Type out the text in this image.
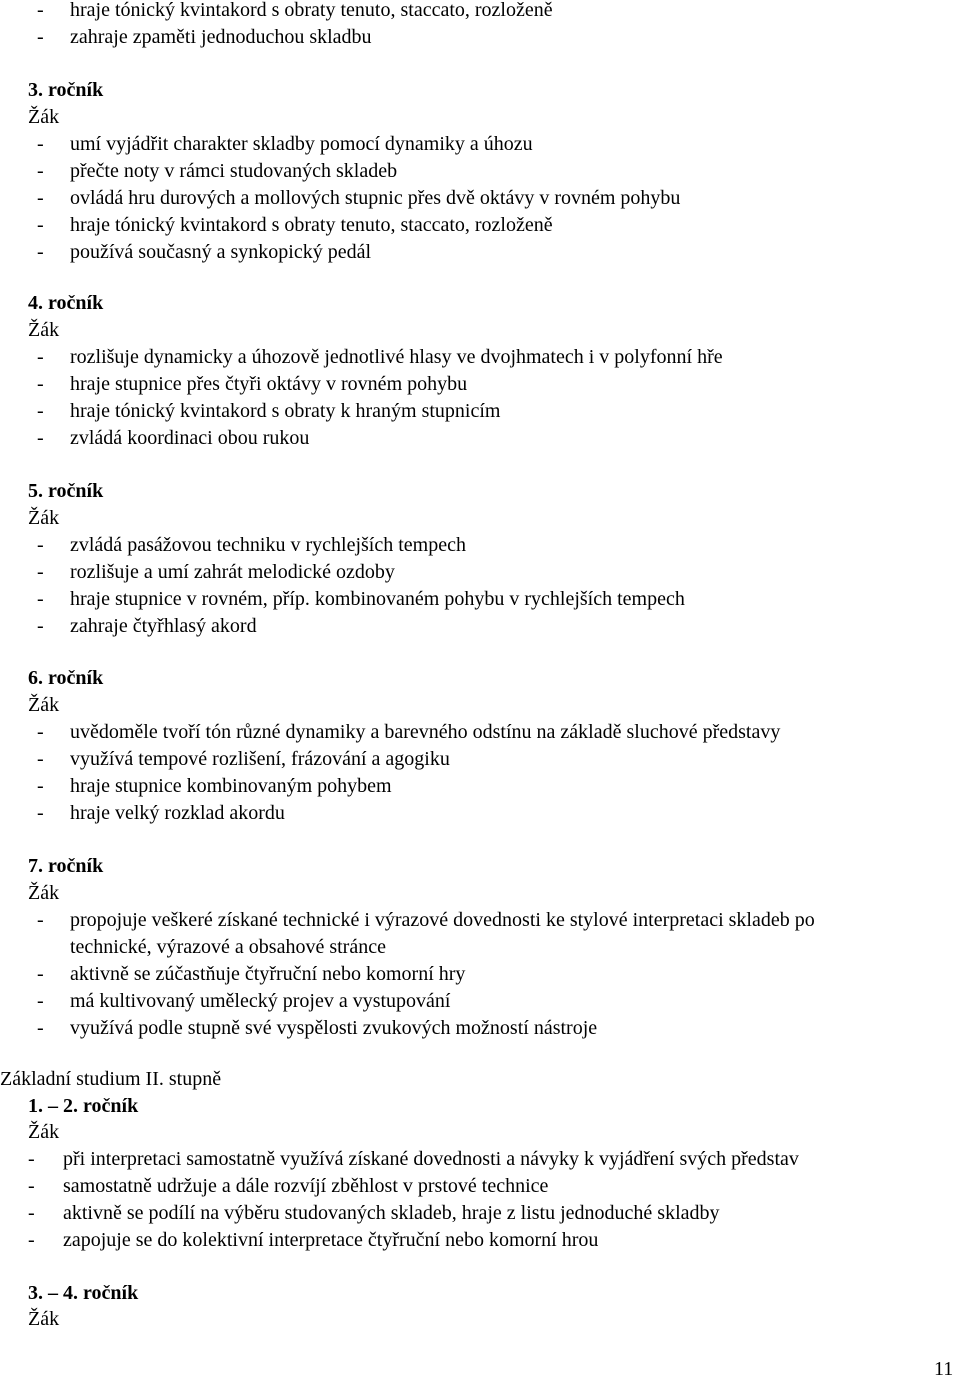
- hraje tónický kvintakord s obraty tenuto, staccato, rozloženě
- zahraje zpaměti jednoduchou skladbu
3. ročník
Žák
- umí vyjádřit charakter skladby pomocí dynamiky a úhozu
- přečte noty v rámci studovaných skladeb
- ovládá hru durových a mollových stupnic přes dvě oktávy v rovném pohybu
- hraje tónický kvintakord s obraty tenuto, staccato, rozloženě
- používá současný a synkopický pedál
4. ročník
Žák
- rozlišuje dynamicky a úhozově jednotlivé hlasy ve dvojhmatech i v polyfonní hře
- hraje stupnice přes čtyři oktávy v rovném pohybu
- hraje tónický kvintakord s obraty k hraným stupnicím
- zvládá koordinaci obou rukou
5. ročník
Žák
- zvládá pasážovou techniku v rychlejších tempech
- rozlišuje a umí zahrát melodické ozdoby
- hraje stupnice v rovném, příp. kombinovaném pohybu v rychlejších tempech
- zahraje čtyřhlasý akord
6. ročník
Žák
- uvědoměle tvoří tón různé dynamiky a barevného odstínu na základě sluchové představy
- využívá tempové rozlišení, frázování a agogiku
- hraje stupnice kombinovaným pohybem
- hraje velký rozklad akordu
7. ročník
Žák
- propojuje veškeré získané technické i výrazové dovednosti ke stylové interpretaci skladeb po
technické, výrazové a obsahové stránce
- aktivně se zúčastňuje čtyřruční nebo komorní hry
- má kultivovaný umělecký projev a vystupování
- využívá podle stupně své vyspělosti zvukových možností nástroje
Základní studium II. stupně
1. – 2. ročník
Žák
- při interpretaci samostatně využívá získané dovednosti a návyky k vyjádření svých představ
- samostatně udržuje a dále rozvíjí zběhlost v prstové technice
- aktivně se podílí na výběru studovaných skladeb, hraje z listu jednoduché skladby
- zapojuje se do kolektivní interpretace čtyřruční nebo komorní hrou
3. – 4. ročník
Žák
11
